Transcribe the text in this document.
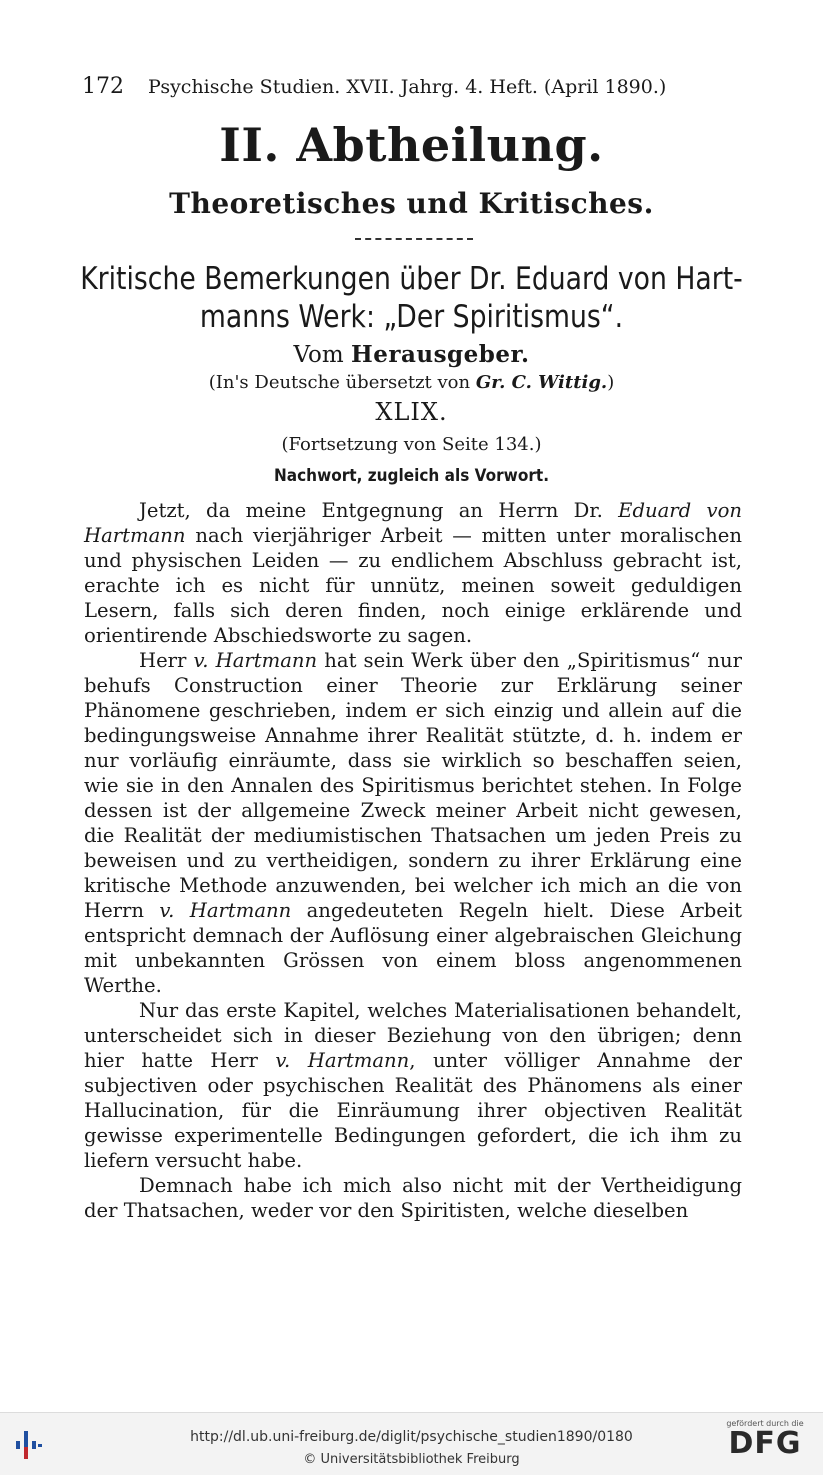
172 Psychische Studien. XVII. Jahrg. 4. Heft. (April 1890.)
II. Abtheilung.
Theoretisches und Kritisches.
Kritische Bemerkungen über Dr. Eduard von Hart-
manns Werk: „Der Spiritismus“.
Vom Herausgeber.
(In's Deutsche übersetzt von Gr. C. Wittig.)
XLIX.
(Fortsetzung von Seite 134.)
Nachwort, zugleich als Vorwort.

Jetzt, da meine Entgegnung an Herrn Dr. Eduard von Hartmann nach vierjähriger Arbeit — mitten unter moralischen und physischen Leiden — zu endlichem Abschluss gebracht ist, erachte ich es nicht für unnütz, meinen soweit geduldigen Lesern, falls sich deren finden, noch einige erklärende und orientirende Abschiedsworte zu sagen.

Herr v. Hartmann hat sein Werk über den „Spiritismus“ nur behufs Construction einer Theorie zur Erklärung seiner Phänomene geschrieben, indem er sich einzig und allein auf die bedingungsweise Annahme ihrer Realität stützte, d. h. indem er nur vorläufig einräumte, dass sie wirklich so beschaffen seien, wie sie in den Annalen des Spiritismus berichtet stehen. In Folge dessen ist der allgemeine Zweck meiner Arbeit nicht gewesen, die Realität der mediumistischen Thatsachen um jeden Preis zu beweisen und zu vertheidigen, sondern zu ihrer Erklärung eine kritische Methode anzuwenden, bei welcher ich mich an die von Herrn v. Hartmann angedeuteten Regeln hielt. Diese Arbeit entspricht demnach der Auflösung einer algebraischen Gleichung mit unbekannten Grössen von einem bloss angenommenen Werthe.

Nur das erste Kapitel, welches Materialisationen behandelt, unterscheidet sich in dieser Beziehung von den übrigen; denn hier hatte Herr v. Hartmann, unter völliger Annahme der subjectiven oder psychischen Realität des Phänomens als einer Hallucination, für die Einräumung ihrer objectiven Realität gewisse experimentelle Bedingungen gefordert, die ich ihm zu liefern versucht habe.

Demnach habe ich mich also nicht mit der Vertheidigung der Thatsachen, weder vor den Spiritisten, welche dieselben

http://dl.ub.uni-freiburg.de/diglit/psychische_studien1890/0180
© Universitätsbibliothek Freiburg
gefördert durch die
DFG
